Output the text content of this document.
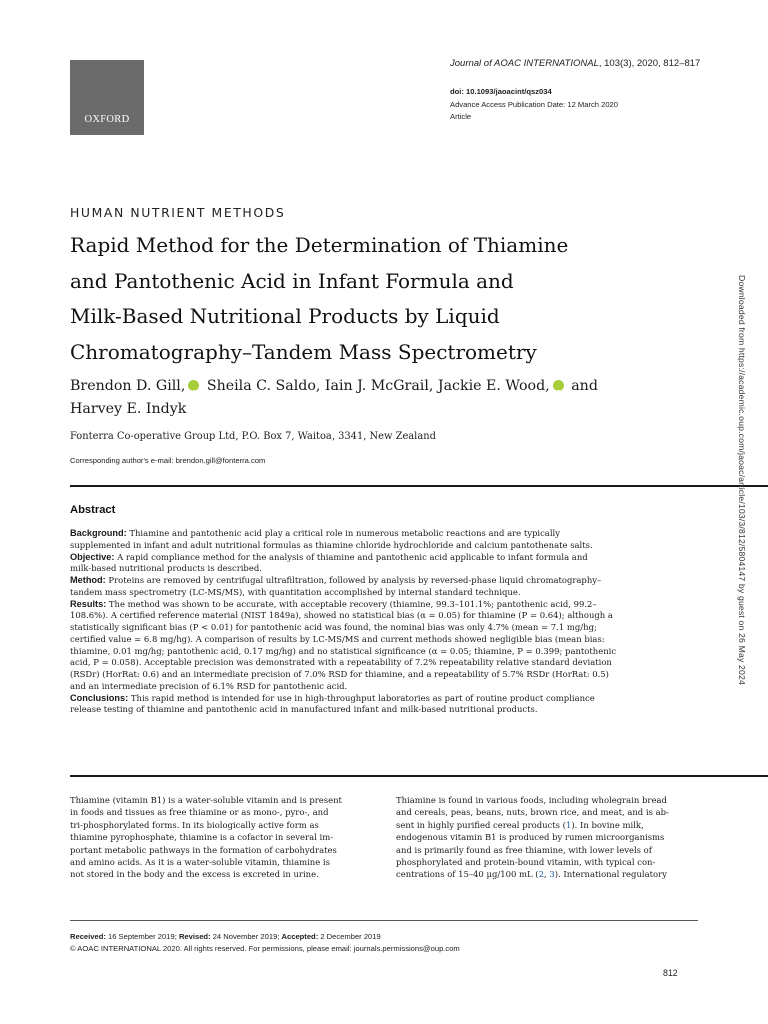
OXFORD
Journal of AOAC INTERNATIONAL, 103(3), 2020, 812–817
doi: 10.1093/jaoacint/qsz034
Advance Access Publication Date: 12 March 2020
Article
HUMAN NUTRIENT METHODS
Rapid Method for the Determination of Thiamine
and Pantothenic Acid in Infant Formula and
Milk-Based Nutritional Products by Liquid
Chromatography–Tandem Mass Spectrometry
Brendon D. Gill, iD Sheila C. Saldo, Iain J. McGrail, Jackie E. Wood, iD and
Harvey E. Indyk
Fonterra Co-operative Group Ltd, P.O. Box 7, Waitoa, 3341, New Zealand
Corresponding author's e-mail: brendon.gill@fonterra.com
Abstract
Background: Thiamine and pantothenic acid play a critical role in numerous metabolic reactions and are typically
supplemented in infant and adult nutritional formulas as thiamine chloride hydrochloride and calcium pantothenate salts.
Objective: A rapid compliance method for the analysis of thiamine and pantothenic acid applicable to infant formula and
milk-based nutritional products is described.
Method: Proteins are removed by centrifugal ultrafiltration, followed by analysis by reversed-phase liquid chromatography–
tandem mass spectrometry (LC-MS/MS), with quantitation accomplished by internal standard technique.
Results: The method was shown to be accurate, with acceptable recovery (thiamine, 99.3–101.1%; pantothenic acid, 99.2–
108.6%). A certified reference material (NIST 1849a), showed no statistical bias (α = 0.05) for thiamine (P = 0.64); although a
statistically significant bias (P < 0.01) for pantothenic acid was found, the nominal bias was only 4.7% (mean = 7.1 mg/hg;
certified value = 6.8 mg/hg). A comparison of results by LC-MS/MS and current methods showed negligible bias (mean bias:
thiamine, 0.01 mg/hg; pantothenic acid, 0.17 mg/hg) and no statistical significance (α = 0.05; thiamine, P = 0.399; pantothenic
acid, P = 0.058). Acceptable precision was demonstrated with a repeatability of 7.2% repeatability relative standard deviation
(RSDr) (HorRat: 0.6) and an intermediate precision of 7.0% RSD for thiamine, and a repeatability of 5.7% RSDr (HorRat: 0.5)
and an intermediate precision of 6.1% RSD for pantothenic acid.
Conclusions: This rapid method is intended for use in high-throughput laboratories as part of routine product compliance
release testing of thiamine and pantothenic acid in manufactured infant and milk-based nutritional products.
Thiamine (vitamin B1) is a water-soluble vitamin and is present
in foods and tissues as free thiamine or as mono-, pyro-, and
tri-phosphorylated forms. In its biologically active form as
thiamine pyrophosphate, thiamine is a cofactor in several im-
portant metabolic pathways in the formation of carbohydrates
and amino acids. As it is a water-soluble vitamin, thiamine is
not stored in the body and the excess is excreted in urine.
Thiamine is found in various foods, including wholegrain bread
and cereals, peas, beans, nuts, brown rice, and meat, and is ab-
sent in highly purified cereal products (1). In bovine milk,
endogenous vitamin B1 is produced by rumen microorganisms
and is primarily found as free thiamine, with lower levels of
phosphorylated and protein-bound vitamin, with typical con-
centrations of 15–40 μg/100 mL (2, 3). International regulatory
Received: 16 September 2019; Revised: 24 November 2019; Accepted: 2 December 2019
© AOAC INTERNATIONAL 2020. All rights reserved. For permissions, please email: journals.permissions@oup.com
812
Downloaded from https://academic.oup.com/jaoac/article/103/3/812/5804147 by guest on 26 May 2024
